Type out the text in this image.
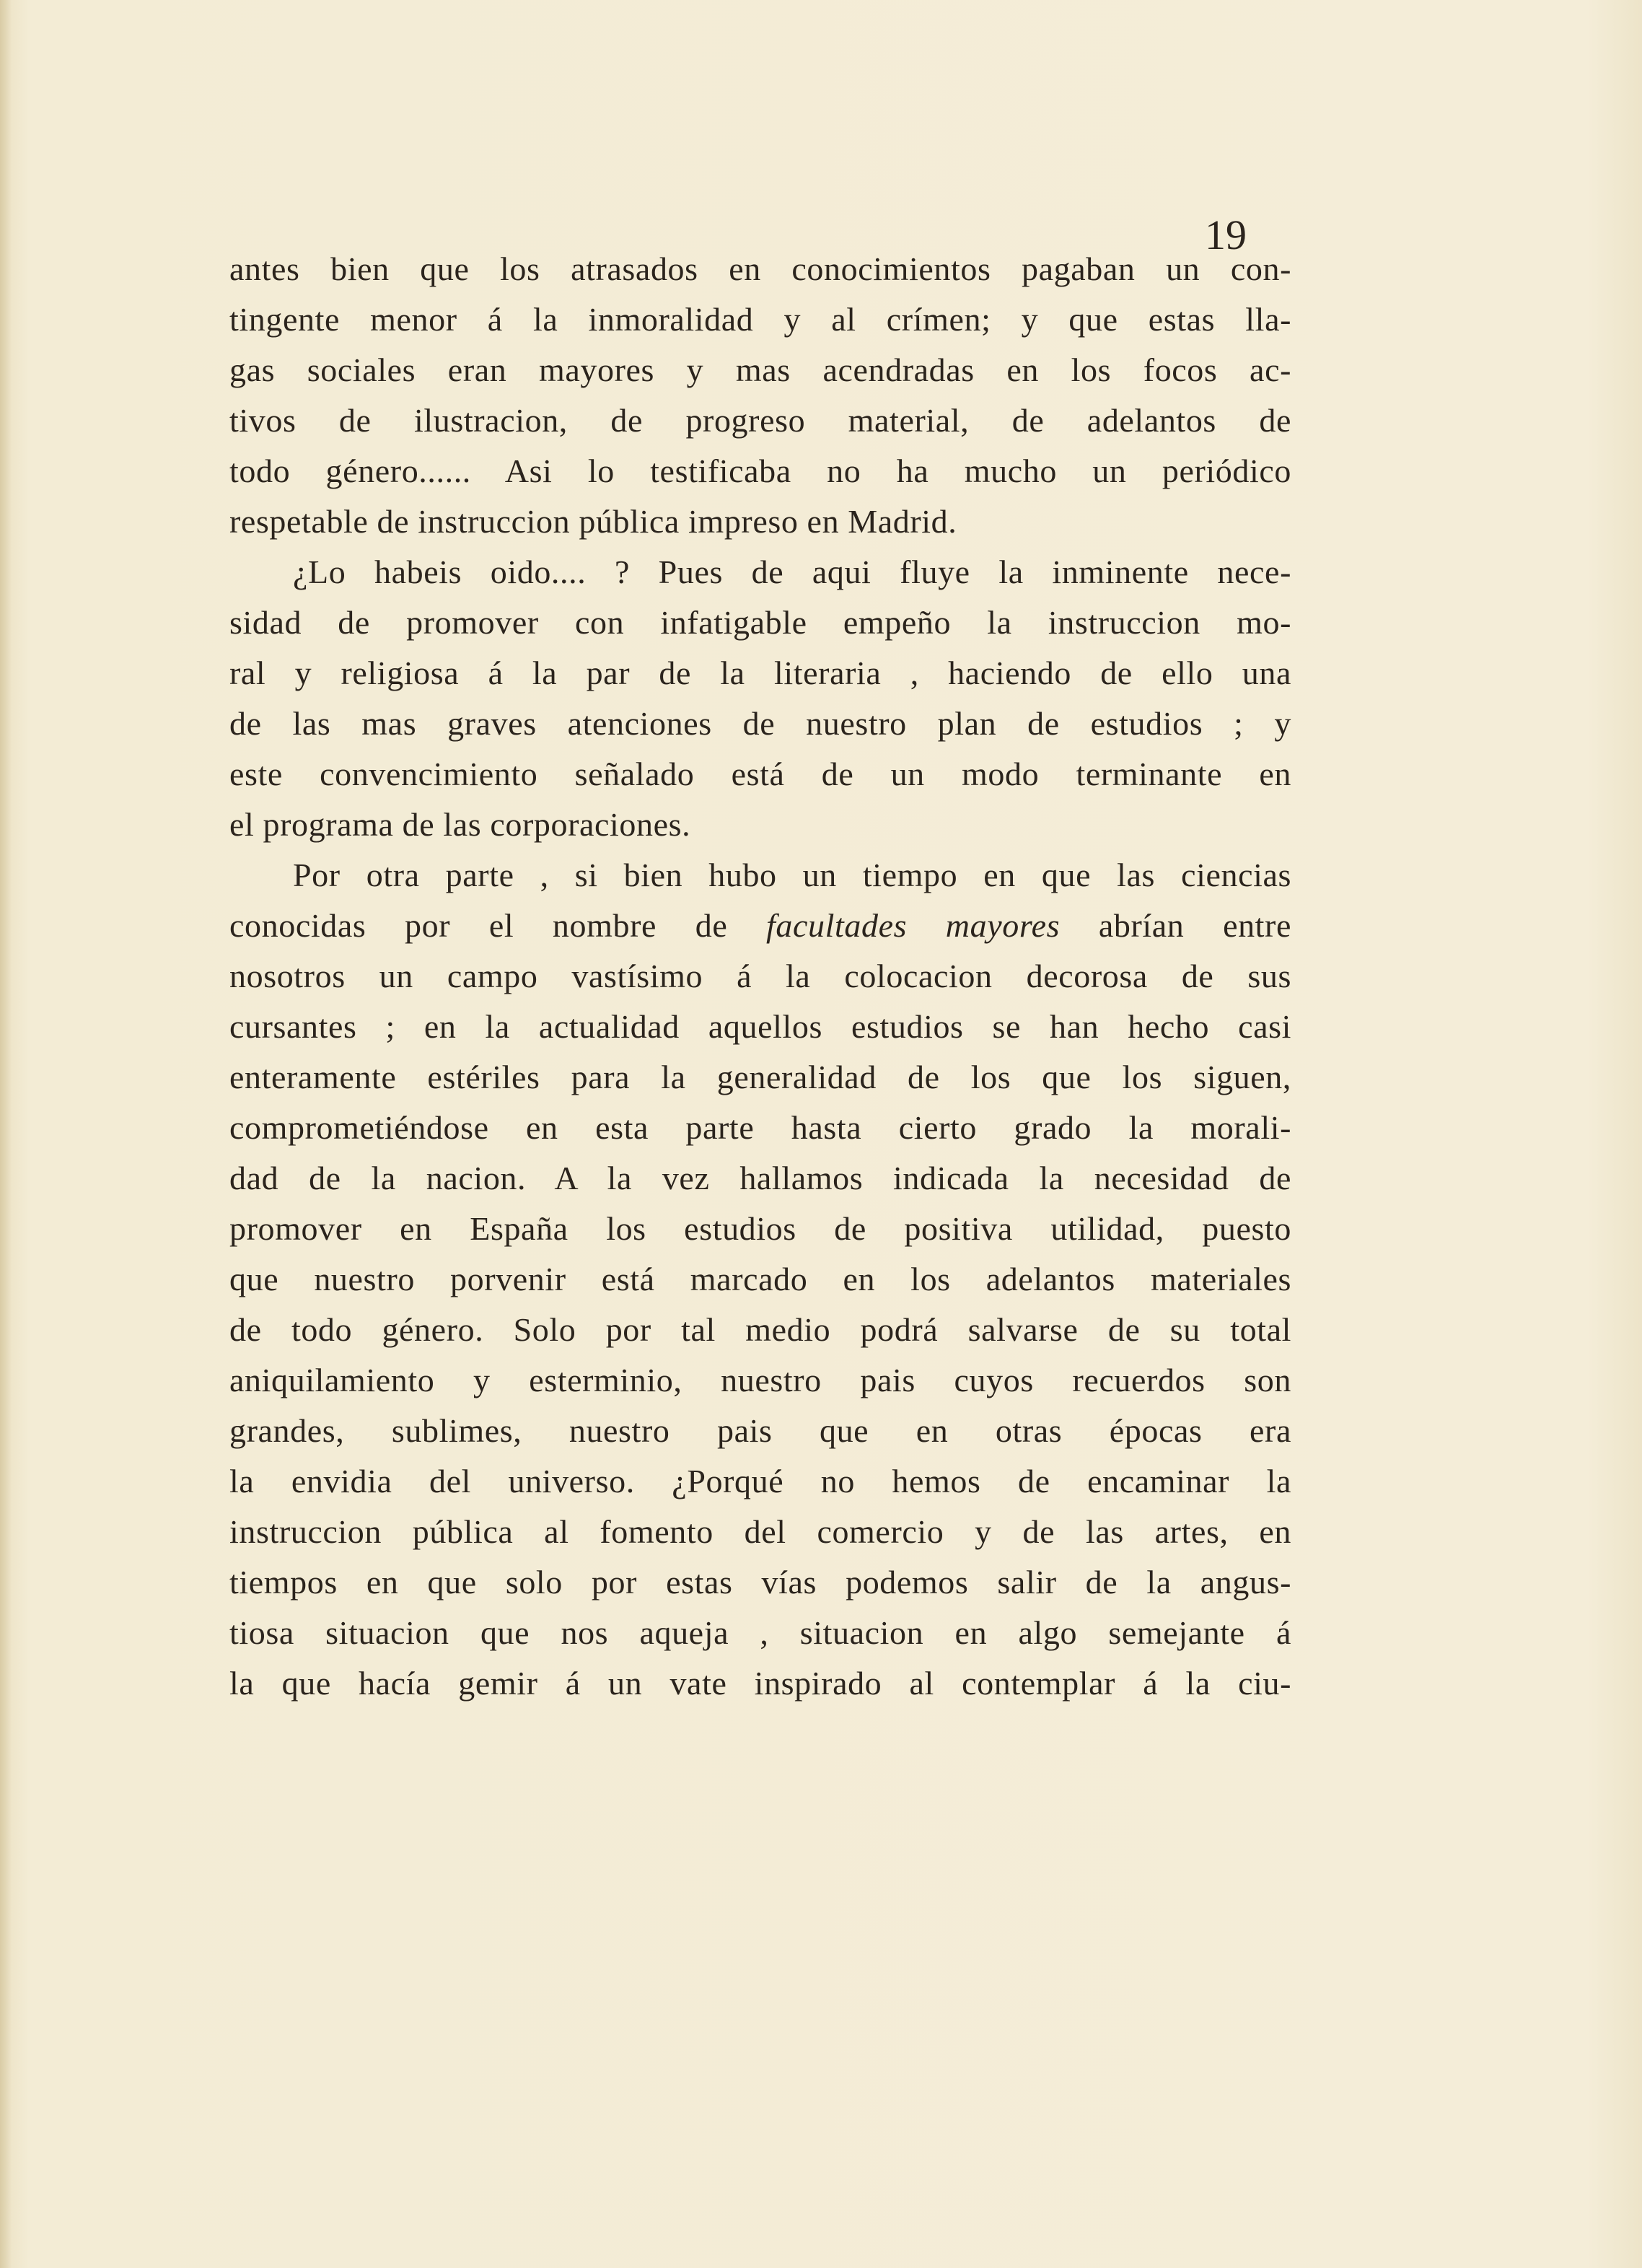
19

antes bien que los atrasados en conocimientos pagaban un con-
tingente menor á la inmoralidad y al crímen; y que estas lla-
gas sociales eran mayores y mas acendradas en los focos ac-
tivos de ilustracion, de progreso material, de adelantos de
todo género...... Asi lo testificaba no ha mucho un periódico
respetable de instruccion pública impreso en Madrid.
¿Lo habeis oido.... ? Pues de aqui fluye la inminente nece-
sidad de promover con infatigable empeño la instruccion mo-
ral y religiosa á la par de la literaria , haciendo de ello una
de las mas graves atenciones de nuestro plan de estudios ; y
este convencimiento señalado está de un modo terminante en
el programa de las corporaciones.
Por otra parte , si bien hubo un tiempo en que las ciencias
conocidas por el nombre de facultades mayores abrían entre
nosotros un campo vastísimo á la colocacion decorosa de sus
cursantes ; en la actualidad aquellos estudios se han hecho casi
enteramente estériles para la generalidad de los que los siguen,
comprometiéndose en esta parte hasta cierto grado la morali-
dad de la nacion. A la vez hallamos indicada la necesidad de
promover en España los estudios de positiva utilidad, puesto
que nuestro porvenir está marcado en los adelantos materiales
de todo género. Solo por tal medio podrá salvarse de su total
aniquilamiento y esterminio, nuestro pais cuyos recuerdos son
grandes, sublimes, nuestro pais que en otras épocas era
la envidia del universo. ¿Porqué no hemos de encaminar la
instruccion pública al fomento del comercio y de las artes, en
tiempos en que solo por estas vías podemos salir de la angus-
tiosa situacion que nos aqueja , situacion en algo semejante á
la que hacía gemir á un vate inspirado al contemplar á la ciu-
